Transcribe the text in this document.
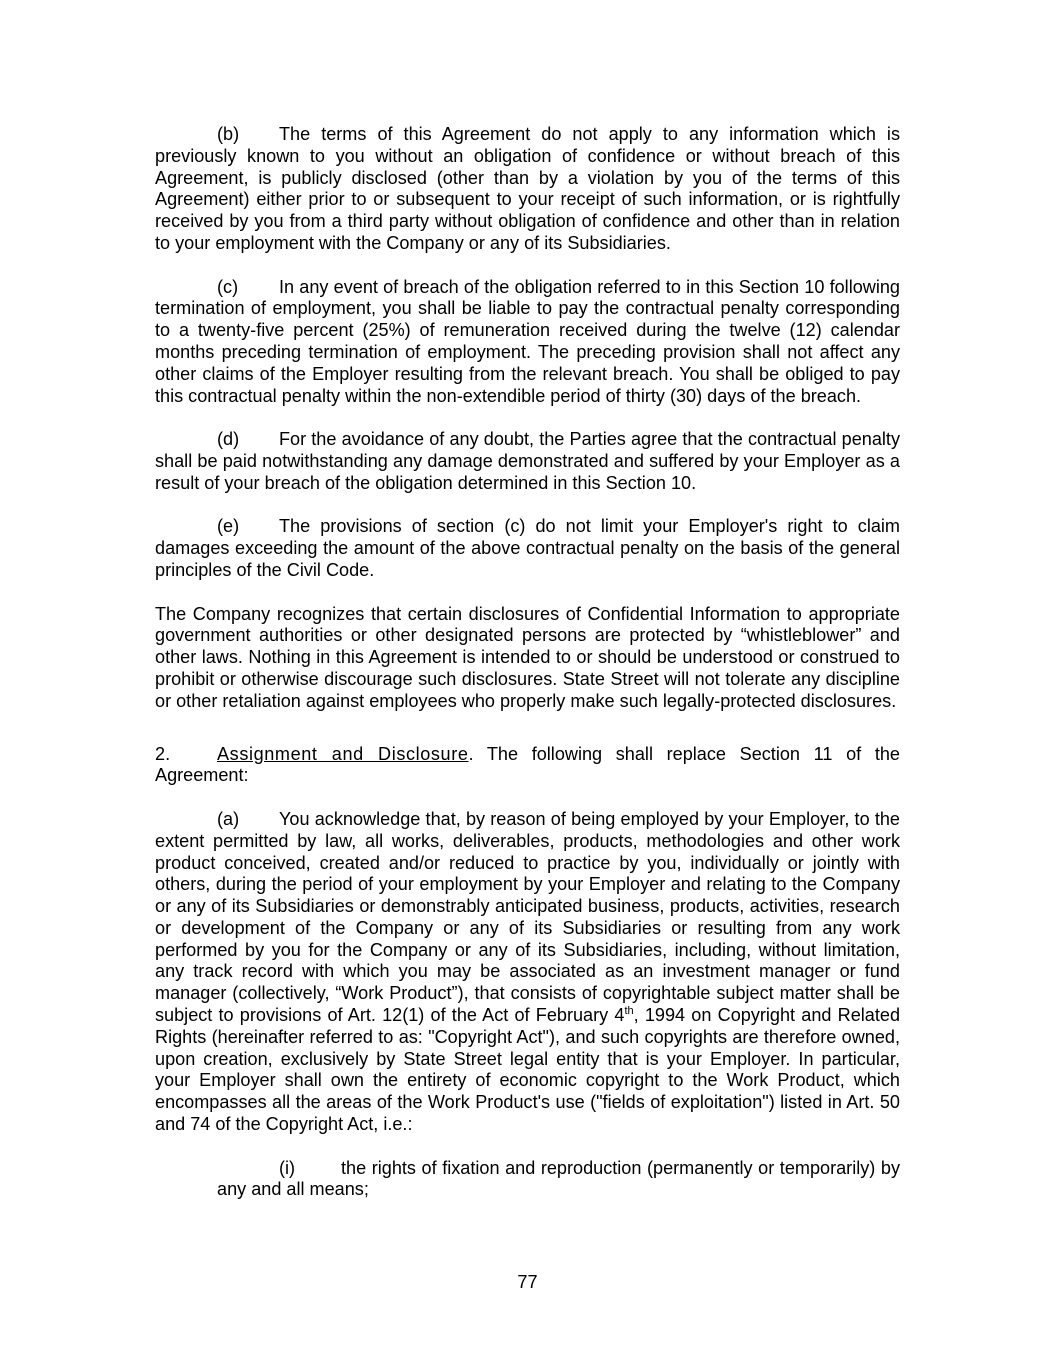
(b) The terms of this Agreement do not apply to any information which is previously known to you without an obligation of confidence or without breach of this Agreement, is publicly disclosed (other than by a violation by you of the terms of this Agreement) either prior to or subsequent to your receipt of such information, or is rightfully received by you from a third party without obligation of confidence and other than in relation to your employment with the Company or any of its Subsidiaries.

(c) In any event of breach of the obligation referred to in this Section 10 following termination of employment, you shall be liable to pay the contractual penalty corresponding to a twenty-five percent (25%) of remuneration received during the twelve (12) calendar months preceding termination of employment. The preceding provision shall not affect any other claims of the Employer resulting from the relevant breach. You shall be obliged to pay this contractual penalty within the non-extendible period of thirty (30) days of the breach.

(d) For the avoidance of any doubt, the Parties agree that the contractual penalty shall be paid notwithstanding any damage demonstrated and suffered by your Employer as a result of your breach of the obligation determined in this Section 10.

(e) The provisions of section (c) do not limit your Employer's right to claim damages exceeding the amount of the above contractual penalty on the basis of the general principles of the Civil Code.

The Company recognizes that certain disclosures of Confidential Information to appropriate government authorities or other designated persons are protected by “whistleblower” and other laws. Nothing in this Agreement is intended to or should be understood or construed to prohibit or otherwise discourage such disclosures. State Street will not tolerate any discipline or other retaliation against employees who properly make such legally-protected disclosures.

2.	Assignment and Disclosure. The following shall replace Section 11 of the Agreement:

(a) You acknowledge that, by reason of being employed by your Employer, to the extent permitted by law, all works, deliverables, products, methodologies and other work product conceived, created and/or reduced to practice by you, individually or jointly with others, during the period of your employment by your Employer and relating to the Company or any of its Subsidiaries or demonstrably anticipated business, products, activities, research or development of the Company or any of its Subsidiaries or resulting from any work performed by you for the Company or any of its Subsidiaries, including, without limitation, any track record with which you may be associated as an investment manager or fund manager (collectively, “Work Product”), that consists of copyrightable subject matter shall be subject to provisions of Art. 12(1) of the Act of February 4th, 1994 on Copyright and Related Rights (hereinafter referred to as: "Copyright Act"), and such copyrights are therefore owned, upon creation, exclusively by State Street legal entity that is your Employer. In particular, your Employer shall own the entirety of economic copyright to the Work Product, which encompasses all the areas of the Work Product's use ("fields of exploitation") listed in Art. 50 and 74 of the Copyright Act, i.e.:

(i)	the rights of fixation and reproduction (permanently or temporarily) by any and all means;

77
